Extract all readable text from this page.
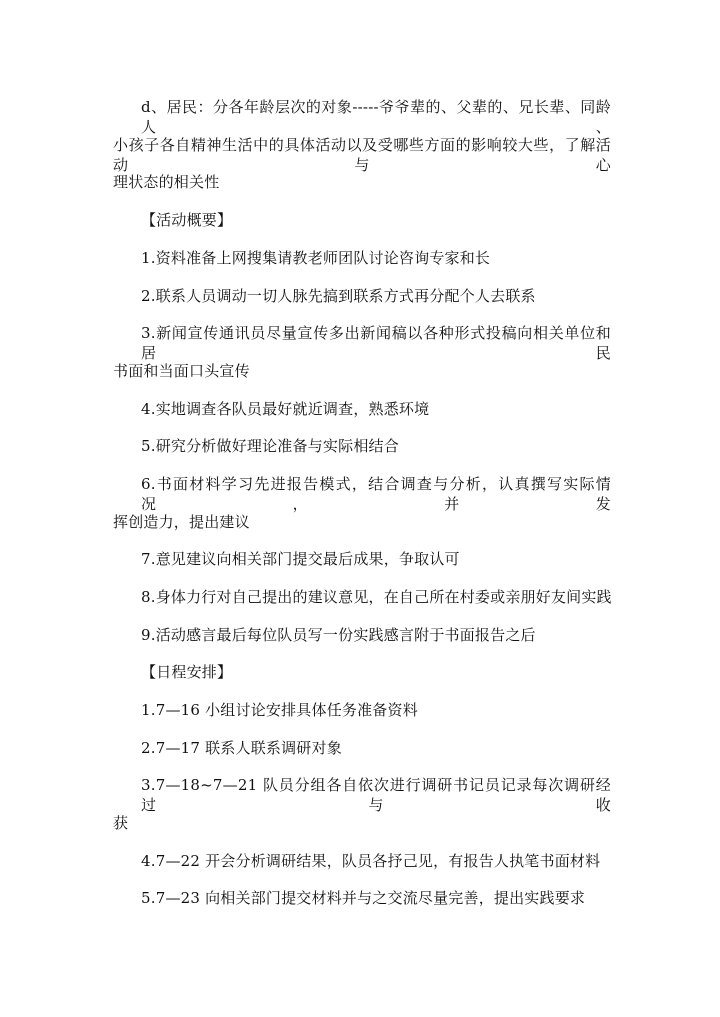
d、居民：分各年龄层次的对象-----爷爷辈的、父辈的、兄长辈、同龄人、
小孩子各自精神生活中的具体活动以及受哪些方面的影响较大些，了解活动与心
理状态的相关性
【活动概要】
1.资料准备上网搜集请教老师团队讨论咨询专家和长
2.联系人员调动一切人脉先搞到联系方式再分配个人去联系
3.新闻宣传通讯员尽量宣传多出新闻稿以各种形式投稿向相关单位和居民
书面和当面口头宣传
4.实地调查各队员最好就近调查，熟悉环境
5.研究分析做好理论准备与实际相结合
6.书面材料学习先进报告模式，结合调查与分析，认真撰写实际情况，并发
挥创造力，提出建议
7.意见建议向相关部门提交最后成果，争取认可
8.身体力行对自己提出的建议意见，在自己所在村委或亲朋好友间实践
9.活动感言最后每位队员写一份实践感言附于书面报告之后
【日程安排】
1.7—16 小组讨论安排具体任务准备资料
2.7—17 联系人联系调研对象
3.7—18~7—21 队员分组各自依次进行调研书记员记录每次调研经过与收
获
4.7—22 开会分析调研结果，队员各抒己见，有报告人执笔书面材料
5.7—23 向相关部门提交材料并与之交流尽量完善，提出实践要求
